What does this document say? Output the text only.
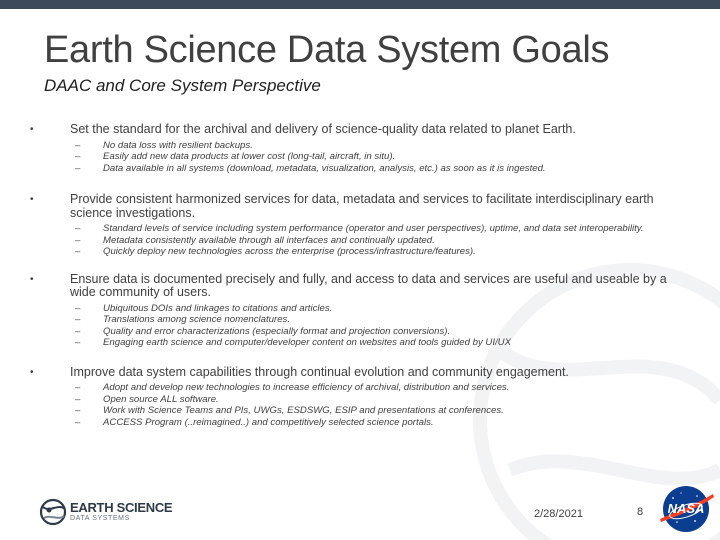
Earth Science Data System Goals
DAAC and Core System Perspective
•	Set the standard for the archival and delivery of science-quality data related to planet Earth.
– No data loss with resilient backups.
– Easily add new data products at lower cost (long-tail, aircraft, in situ).
– Data available in all systems (download, metadata, visualization, analysis, etc.) as soon as it is ingested.
•	Provide consistent harmonized services for data, metadata and services to facilitate interdisciplinary earth science investigations.
– Standard levels of service including system performance (operator and user perspectives), uptime, and data set interoperability.
– Metadata consistently available through all interfaces and continually updated.
– Quickly deploy new technologies across the enterprise (process/infrastructure/features).
•	Ensure data is documented precisely and fully, and access to data and services are useful and useable by a wide community of users.
– Ubiquitous DOIs and linkages to citations and articles.
– Translations among science nomenclatures.
– Quality and error characterizations (especially format and projection conversions).
– Engaging earth science and computer/developer content on websites and tools guided by UI/UX
•	Improve data system capabilities through continual evolution and community engagement.
– Adopt and develop new technologies to increase efficiency of archival, distribution and services.
– Open source ALL software.
– Work with Science Teams and PIs, UWGs, ESDSWG, ESIP and presentations at conferences.
– ACCESS Program (..reimagined..) and competitively selected science portals.
EARTH SCIENCE
DATA SYSTEMS	2/28/2021	8 NASA
